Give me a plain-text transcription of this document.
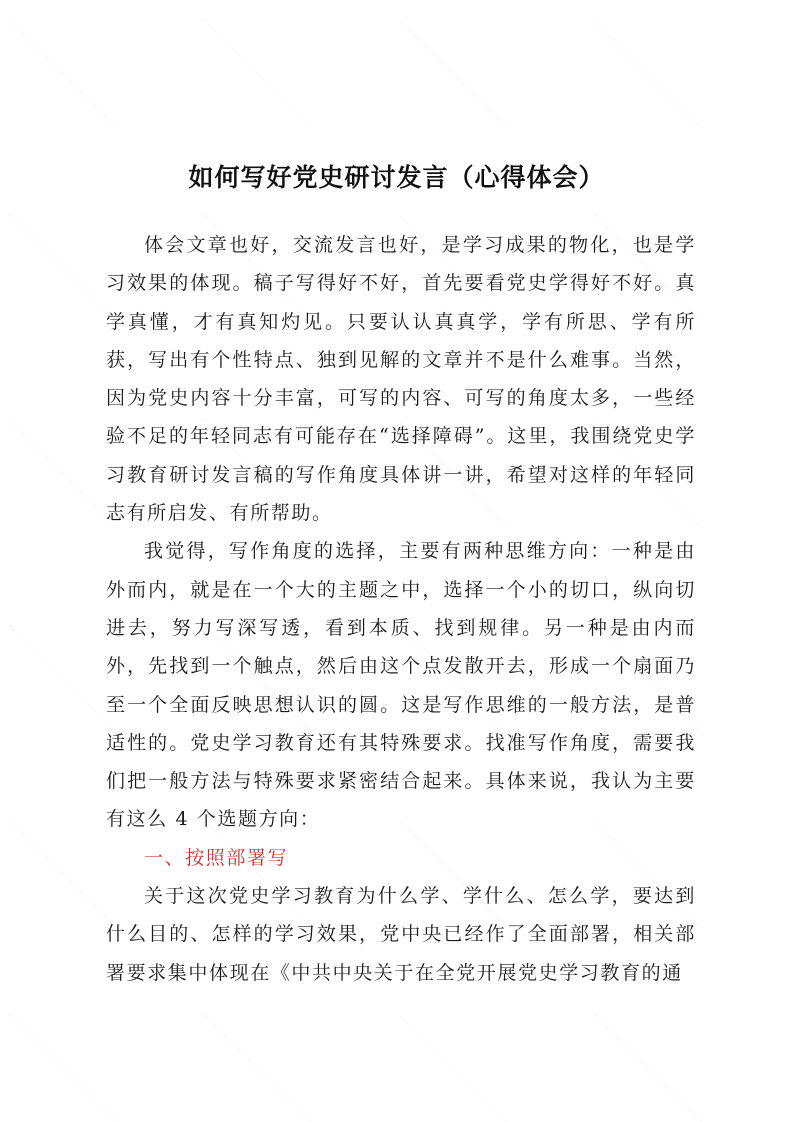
如何写好党史研讨发言（心得体会）

体会文章也好，交流发言也好，是学习成果的物化，也是学习效果的体现。稿子写得好不好，首先要看党史学得好不好。真学真懂，才有真知灼见。只要认认真真学，学有所思、学有所获，写出有个性特点、独到见解的文章并不是什么难事。当然，因为党史内容十分丰富，可写的内容、可写的角度太多，一些经验不足的年轻同志有可能存在“选择障碍”。这里，我围绕党史学习教育研讨发言稿的写作角度具体讲一讲，希望对这样的年轻同志有所启发、有所帮助。

我觉得，写作角度的选择，主要有两种思维方向：一种是由外而内，就是在一个大的主题之中，选择一个小的切口，纵向切进去，努力写深写透，看到本质、找到规律。另一种是由内而外，先找到一个触点，然后由这个点发散开去，形成一个扇面乃至一个全面反映思想认识的圆。这是写作思维的一般方法，是普适性的。党史学习教育还有其特殊要求。找准写作角度，需要我们把一般方法与特殊要求紧密结合起来。具体来说，我认为主要有这么 4 个选题方向：

一、按照部署写

关于这次党史学习教育为什么学、学什么、怎么学，要达到什么目的、怎样的学习效果，党中央已经作了全面部署，相关部署要求集中体现在《中共中央关于在全党开展党史学习教育的通
